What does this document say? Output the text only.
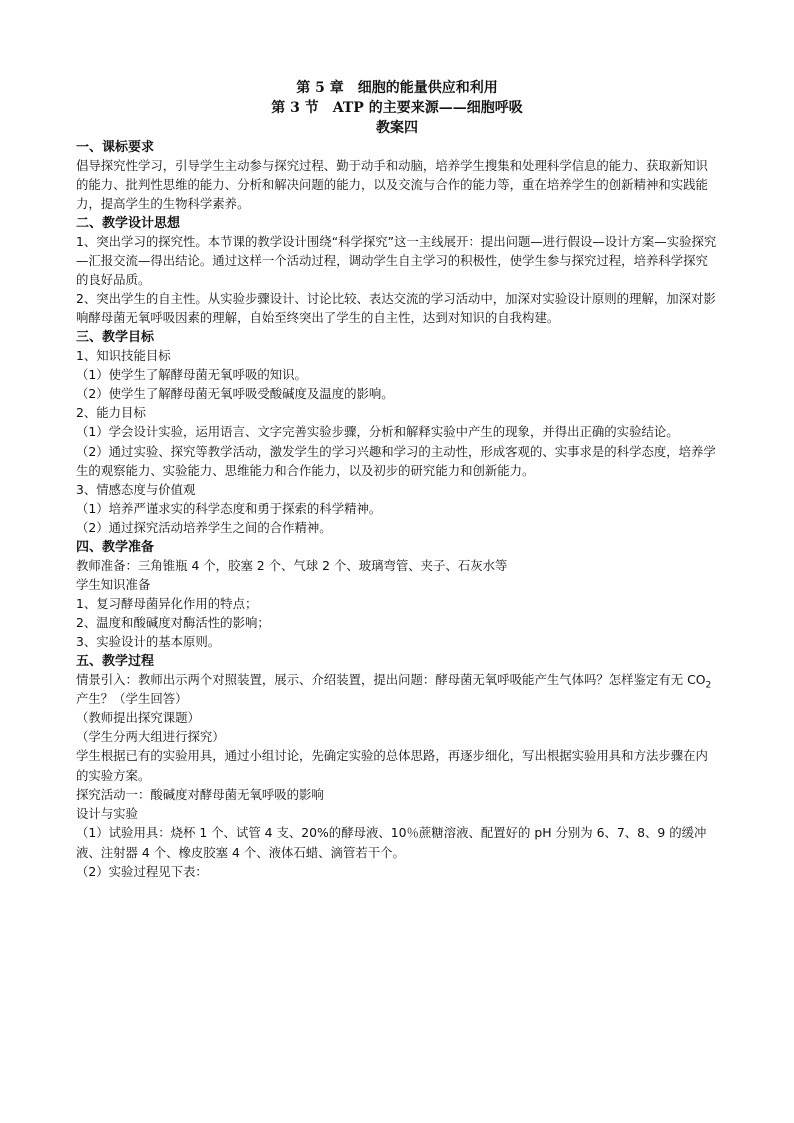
第 5 章　细胞的能量供应和利用
第 3 节　ATP 的主要来源——细胞呼吸
教案四
一、课标要求
倡导探究性学习，引导学生主动参与探究过程、勤于动手和动脑，培养学生搜集和处理科学信息的能力、获取新知识的能力、批判性思维的能力、分析和解决问题的能力，以及交流与合作的能力等，重在培养学生的创新精神和实践能力，提高学生的生物科学素养。
二、教学设计思想
1、突出学习的探究性。本节课的教学设计围绕“科学探究”这一主线展开：提出问题—进行假设—设计方案—实验探究—汇报交流—得出结论。通过这样一个活动过程，调动学生自主学习的积极性，使学生参与探究过程，培养科学探究的良好品质。
2、突出学生的自主性。从实验步骤设计、讨论比较、表达交流的学习活动中，加深对实验设计原则的理解，加深对影响酵母菌无氧呼吸因素的理解，自始至终突出了学生的自主性，达到对知识的自我构建。
三、教学目标
1、知识技能目标
（1）使学生了解酵母菌无氧呼吸的知识。
（2）使学生了解酵母菌无氧呼吸受酸碱度及温度的影响。
2、能力目标
（1）学会设计实验，运用语言、文字完善实验步骤，分析和解释实验中产生的现象，并得出正确的实验结论。
（2）通过实验、探究等教学活动，激发学生的学习兴趣和学习的主动性，形成客观的、实事求是的科学态度，培养学生的观察能力、实验能力、思维能力和合作能力，以及初步的研究能力和创新能力。
3、情感态度与价值观
（1）培养严谨求实的科学态度和勇于探索的科学精神。
（2）通过探究活动培养学生之间的合作精神。
四、教学准备
教师准备：三角锥瓶 4 个，胶塞 2 个、气球 2 个、玻璃弯管、夹子、石灰水等
学生知识准备
1、复习酵母菌异化作用的特点；
2、温度和酸碱度对酶活性的影响；
3、实验设计的基本原则。
五、教学过程
情景引入：教师出示两个对照装置，展示、介绍装置，提出问题：酵母菌无氧呼吸能产生气体吗？怎样鉴定有无 $CO_2$产生？（学生回答）
（教师提出探究课题）
（学生分两大组进行探究）
学生根据已有的实验用具，通过小组讨论，先确定实验的总体思路，再逐步细化，写出根据实验用具和方法步骤在内的实验方案。
探究活动一：酸碱度对酵母菌无氧呼吸的影响
设计与实验
（1）试验用具：烧杯 1 个、试管 4 支、20%的酵母液、10％蔗糖溶液、配置好的 pH 分别为 6、7、8、9 的缓冲液、注射器 4 个、橡皮胶塞 4 个、液体石蜡、滴管若干个。
（2）实验过程见下表：
